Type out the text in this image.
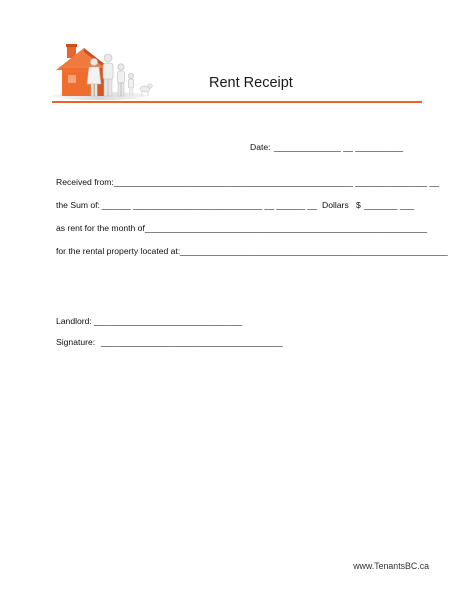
Rent Receipt
Date: ______________ __ __________
Received from: __________________________________________________ _______________ __
the Sum of: ______ ___________________________ __ ______ __ Dollars $ _______ ___
as rent for the month of ___________________________________________________________
for the rental property located at: ________________________________________________________
Landlord: _______________________________
Signature: ______________________________________
www.TenantsBC.ca
